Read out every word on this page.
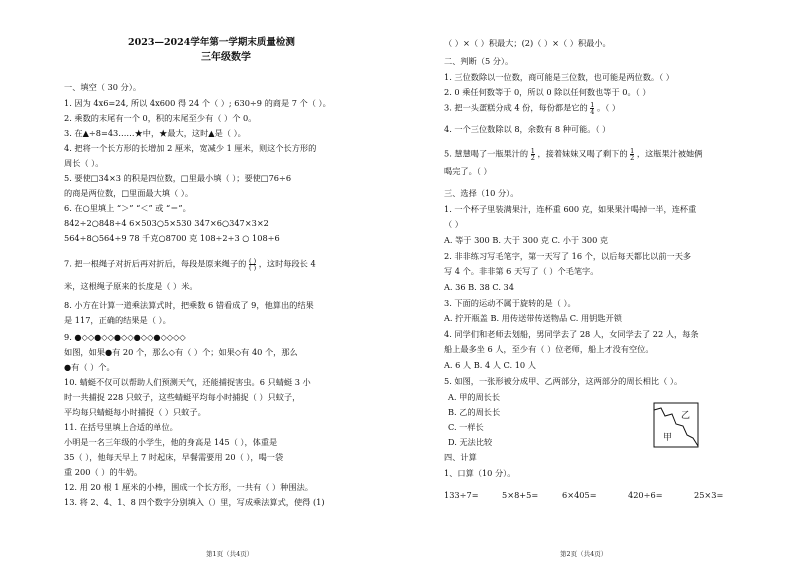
2023—2024学年第一学期末质量检测
三年级数学
一、填空（ 30 分）。
1. 因为 4x6=24, 所以 4x600 得 24 个（ ）; 630÷9 的商是 7 个（ ）。
2. 乘数的末尾有一个 0，积的末尾至少有（ ）个 0。
3. 在▲÷8=43……★中，★最大，这时▲是（ ）。
4. 把将一个长方形的长增加 2 厘米，宽减少 1 厘米，则这个长方形的
周长（ ）。
5. 要使□34×3 的积是四位数，□里最小填（ ）；要使□76÷6
的商是两位数，□里面最大填（ ）。
6. 在○里填上 “＞” “＜” 或 “＝”。
842÷2○848÷4 6×503○5×530 347×6○347×3×2
564÷8○564÷9 78 千克○8700 克 108÷2÷3 ○ 108÷6
7. 把一根绳子对折后再对折后，每段是原来绳子的 $\frac{( )}{( )}$ ，这时每段长 4
米，这根绳子原来的长度是（ ）米。
8. 小方在计算一道乘法算式时，把乘数 6 错看成了 9，他算出的结果
是 117，正确的结果是（ ）。
9. ●◇◇●◇◇●◇◇●◇◇●◇◇◇◇
如图，如果●有 20 个，那么◇有（ ）个；如果◇有 40 个，那么
●有（ ）个。
10. 蜻蜓不仅可以帮助人们预测天气，还能捕捉害虫。6 只蜻蜓 3 小
时一共捕捉 228 只蚊子，这些蜻蜓平均每小时捕捉（ ）只蚊子，
平均每只蜻蜓每小时捕捉（ ）只蚊子。
11. 在括号里填上合适的单位。
小明是一名三年级的小学生，他的身高是 145（ ），体重是
35（ ），他每天早上 7 时起床，早餐需要用 20（ ），喝一袋
重 200（ ）的牛奶。
12. 用 20 根 1 厘米的小棒，围成一个长方形，一共有（ ）种围法。
13. 将 2、4、1、8 四个数字分别填入（）里，写成乘法算式，使得 (1)
第1页（共4页）
（ ）×（ ）积最大；(2)（ ）×（ ）积最小。
二、判断（5 分）。
1. 三位数除以一位数，商可能是三位数，也可能是两位数。（ ）
2. 0 乘任何数等于 0，所以 0 除以任何数也等于 0。（ ）
3. 把一头蛋糕分成 4 份，每份都是它的 $\frac{1}{4}$ 。（ ）
4. 一个三位数除以 8，余数有 8 种可能。（ ）
5. 慧慧喝了一瓶果汁的 $\frac{1}{2}$ ，接着妹妹又喝了剩下的 $\frac{1}{2}$ ，这瓶果汁被她俩
喝完了。（ ）
三、选择（10 分）。
1. 一个杯子里装满果汁，连杯重 600 克，如果果汁喝掉一半，连杯重
（ ）
A. 等于 300 B. 大于 300 克 C. 小于 300 克
2. 非非练习写毛笔字，第一天写了 16 个，以后每天都比以前一天多
写 4 个。非非第 6 天写了（ ）个毛笔字。
A. 36 B. 38 C. 34
3. 下面的运动不属于旋转的是（ ）。
A. 拧开瓶盖 B. 用传送带传送物品 C. 用钥匙开锁
4. 同学们和老师去划船，男同学去了 28 人，女同学去了 22 人，每条
船上最多坐 6 人，至少有（ ）位老师，船上才没有空位。
A. 6 人 B. 4 人 C. 10 人
5. 如图，一张形被分成甲、乙两部分，这两部分的周长相比（ ）。
A. 甲的周长长
B. 乙的周长长
C. 一样长
D. 无法比较
乙
甲
四、计算
1、口算（10 分）。
133÷7=	5×8+5=	6×405=	420÷6=	25×3=
第2页（共4页）
